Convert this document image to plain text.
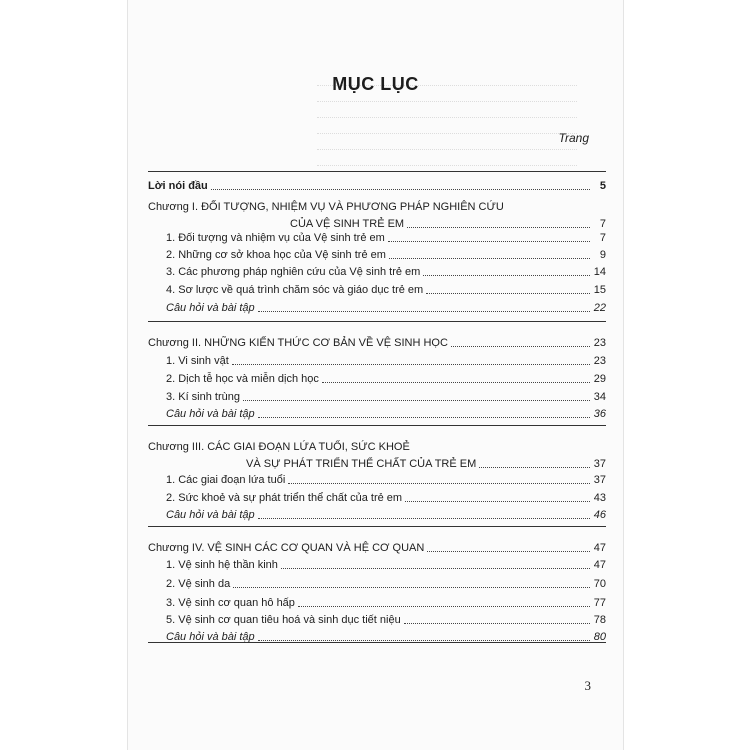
MỤC LỤC
Trang
Lời nói đầu	5
Chương I. ĐỐI TƯỢNG, NHIỆM VỤ VÀ PHƯƠNG PHÁP NGHIÊN CỨU
CỦA VỆ SINH TRẺ EM	7
1. Đối tượng và nhiệm vụ của Vệ sinh trẻ em	7
2. Những cơ sở khoa học của Vệ sinh trẻ em	9
3. Các phương pháp nghiên cứu của Vệ sinh trẻ em	14
4. Sơ lược về quá trình chăm sóc và giáo dục trẻ em	15
Câu hỏi và bài tập	22
Chương II. NHỮNG KIẾN THỨC CƠ BẢN VỀ VỆ SINH HỌC	23
1. Vi sinh vật	23
2. Dịch tễ học và miễn dịch học	29
3. Kí sinh trùng	34
Câu hỏi và bài tập	36
Chương III. CÁC GIAI ĐOẠN LỨA TUỔI, SỨC KHOẺ
VÀ SỰ PHÁT TRIỂN THỂ CHẤT CỦA TRẺ EM	37
1. Các giai đoạn lứa tuổi	37
2. Sức khoẻ và sự phát triển thể chất của trẻ em	43
Câu hỏi và bài tập	46
Chương IV. VỆ SINH CÁC CƠ QUAN VÀ HỆ CƠ QUAN	47
1. Vệ sinh hệ thần kinh	47
2. Vệ sinh da	70
3. Vệ sinh cơ quan hô hấp	77
5. Vệ sinh cơ quan tiêu hoá và sinh dục tiết niệu	78
Câu hỏi và bài tập	80
3
